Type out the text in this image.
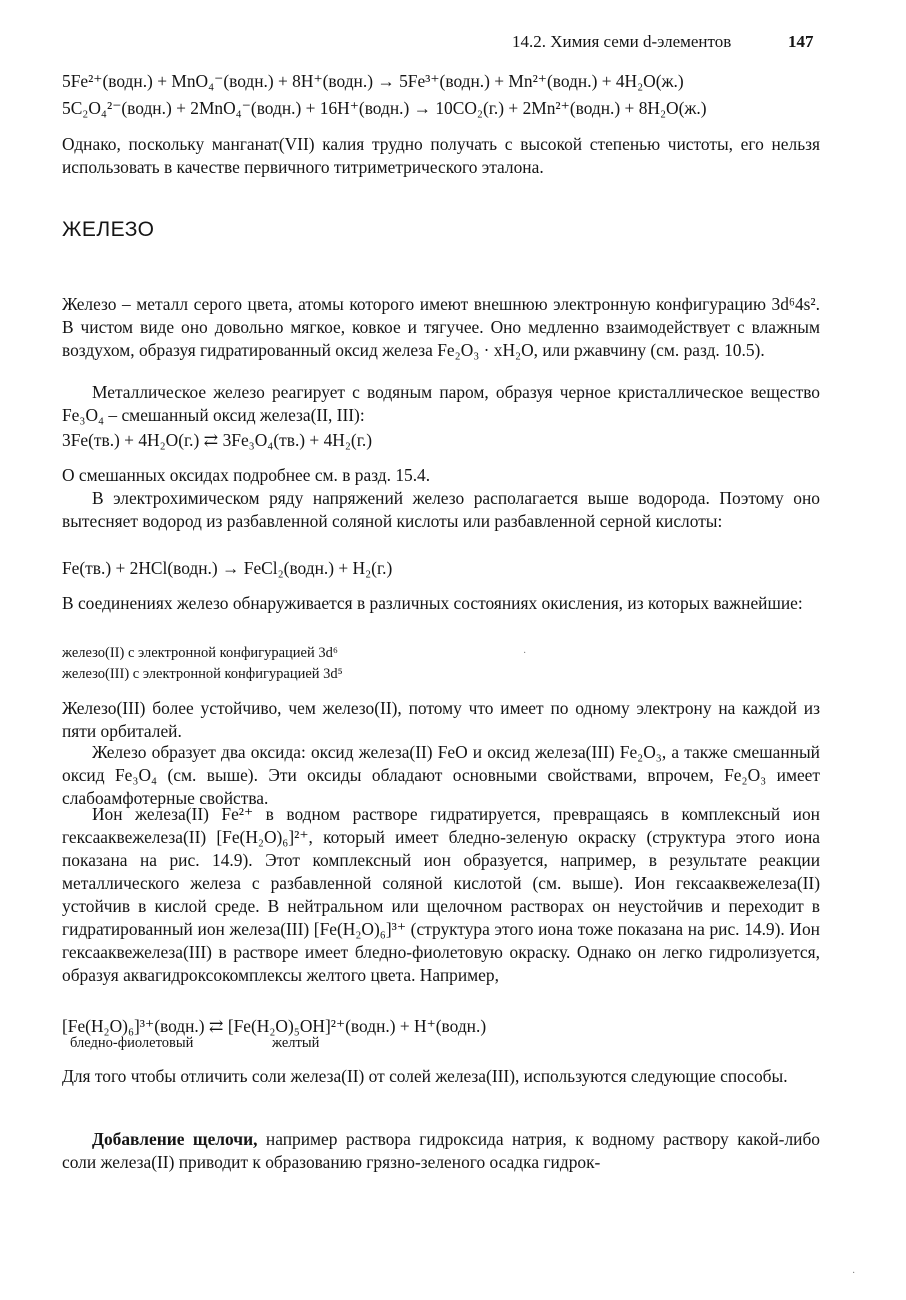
14.2. Химия семи d-элементов	147
5Fe²⁺(водн.) + MnO₄⁻(водн.) + 8H⁺(водн.) → 5Fe³⁺(водн.) + Mn²⁺(водн.) + 4H₂O(ж.)
5C₂O₄²⁻(водн.) + 2MnO₄⁻(водн.) + 16H⁺(водн.) → 10CO₂(г.) + 2Mn²⁺(водн.) + 8H₂O(ж.)
Однако, поскольку манганат(VII) калия трудно получать с высокой степенью чистоты, его нельзя использовать в качестве первичного титриметрического эталона.
ЖЕЛЕЗО
Железо – металл серого цвета, атомы которого имеют внешнюю электронную конфигурацию 3d⁶4s². В чистом виде оно довольно мягкое, ковкое и тягучее. Оно медленно взаимодействует с влажным воздухом, образуя гидратированный оксид железа Fe₂O₃ · xH₂O, или ржавчину (см. разд. 10.5).
Металлическое железо реагирует с водяным паром, образуя черное кристаллическое вещество Fe₃O₄ – смешанный оксид железа(II, III):
3Fe(тв.) + 4H₂O(г.) ⇄ 3Fe₃O₄(тв.) + 4H₂(г.)
О смешанных оксидах подробнее см. в разд. 15.4.
В электрохимическом ряду напряжений железо располагается выше водорода. Поэтому оно вытесняет водород из разбавленной соляной кислоты или разбавленной серной кислоты:
Fe(тв.) + 2HCl(водн.) → FeCl₂(водн.) + H₂(г.)
В соединениях железо обнаруживается в различных состояниях окисления, из которых важнейшие:
железо(II) с электронной конфигурацией 3d⁶
железо(III) с электронной конфигурацией 3d⁵
·
Железо(III) более устойчиво, чем железо(II), потому что имеет по одному электрону на каждой из пяти орбиталей.
Железо образует два оксида: оксид железа(II) FeO и оксид железа(III) Fe₂O₃, а также смешанный оксид Fe₃O₄ (см. выше). Эти оксиды обладают основными свойствами, впрочем, Fe₂O₃ имеет слабоамфотерные свойства.
Ион железа(II) Fe²⁺ в водном растворе гидратируется, превращаясь в комплексный ион гексааквежелеза(II) [Fe(H₂O)₆]²⁺, который имеет бледно-зеленую окраску (структура этого иона показана на рис. 14.9). Этот комплексный ион образуется, например, в результате реакции металлического железа с разбавленной соляной кислотой (см. выше). Ион гексааквежелеза(II) устойчив в кислой среде. В нейтральном или щелочном растворах он неустойчив и переходит в гидратированный ион железа(III) [Fe(H₂O)₆]³⁺ (структура этого иона тоже показана на рис. 14.9). Ион гексааквежелеза(III) в растворе имеет бледно-фиолетовую окраску. Однако он легко гидролизуется, образуя аквагидроксокомплексы желтого цвета. Например,
[Fe(H₂O)₆]³⁺(водн.) ⇄ [Fe(H₂O)₅OH]²⁺(водн.) + H⁺(водн.)
бледно-фиолетовый	желтый
Для того чтобы отличить соли железа(II) от солей железа(III), используются следующие способы.
Добавление щелочи, например раствора гидроксида натрия, к водному раствору какой-либо соли железа(II) приводит к образованию грязно-зеленого осадка гидрок-
·
